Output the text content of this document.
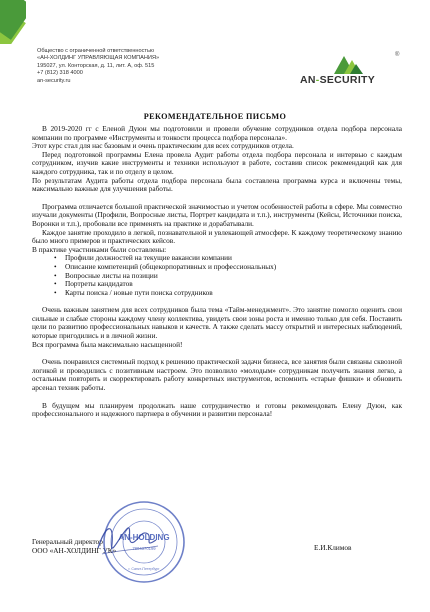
Общество с ограниченной ответственностью
«АН-ХОЛДИНГ УПРАВЛЯЮЩАЯ КОМПАНИЯ»
195027, ул. Конторская, д. 11, лит. А, оф. 515
+7 (812) 318 4000
an-security.ru
®
AN-SECURITY
РЕКОМЕНДАТЕЛЬНОЕ ПИСЬМО

В 2019-2020 гг с Еленой Дуюн мы подготовили и провели обучение сотрудников отдела подбора персонала компании по программе «Инструменты и тонкости процесса подбора персонала».

Этот курс стал для нас базовым и очень практическим для всех сотрудников отдела.

Перед подготовкой программы Елена провела Аудит работы отдела подбора персонала и интервью с каждым сотрудником, изучив какие инструменты и техники используют в работе, составив список рекомендаций как для каждого сотрудника, так и по отделу в целом.

По результатам Аудита работы отдела подбора персонала была составлена программа курса и включены темы, максимально важные для улучшения работы.

Программа отличается большой практической значимостью и учетом особенностей работы в сфере. Мы совместно изучали документы (Профили, Вопросные листы, Портрет кандидата и т.п.), инструменты (Кейсы, Источники поиска, Воронки и т.п.), пробовали все применять на практике и дорабатывали.

Каждое занятие проходило в легкой, познавательной и увлекающей атмосфере. К каждому теоретическому знанию было много примеров и практических кейсов.

В практике участниками были составлены:

• Профили должностей на текущие вакансии компании
• Описание компетенций (общекорпоративных и профессиональных)
• Вопросные листы на позиции
• Портреты кандидатов
• Карты поиска / новые пути поиска сотрудников

Очень важным занятием для всех сотрудников была тема «Тайм-менеджмент». Это занятие помогло оценить свои сильные и слабые стороны каждому члену коллектива, увидеть свои зоны роста и именно только для себя. Поставить цели по развитию профессиональных навыков и качеств. А также сделать массу открытий и интересных наблюдений, которые пригодились и в личной жизни.

Вся программа была максимально насыщенной!

Очень понравился системный подход к решению практической задачи бизнеса, все занятия были связаны сквозной логикой и проводились с позитивным настроем. Это позволило «молодым» сотрудникам получить знания легко, а остальным повторить и скорректировать работу конкретных инструментов, вспомнить «старые фишки» и обновить арсенал техник работы.

В будущем мы планируем продолжать наше сотрудничество и готовы рекомендовать Елену Дуюн, как профессионального и надежного партнера в обучении и развитии персонала!

Генеральный директор
ООО «АН-ХОЛДИНГ УК»	Е.И.Климов
AN-HOLDING
7804370199
г. Санкт-Петербург
